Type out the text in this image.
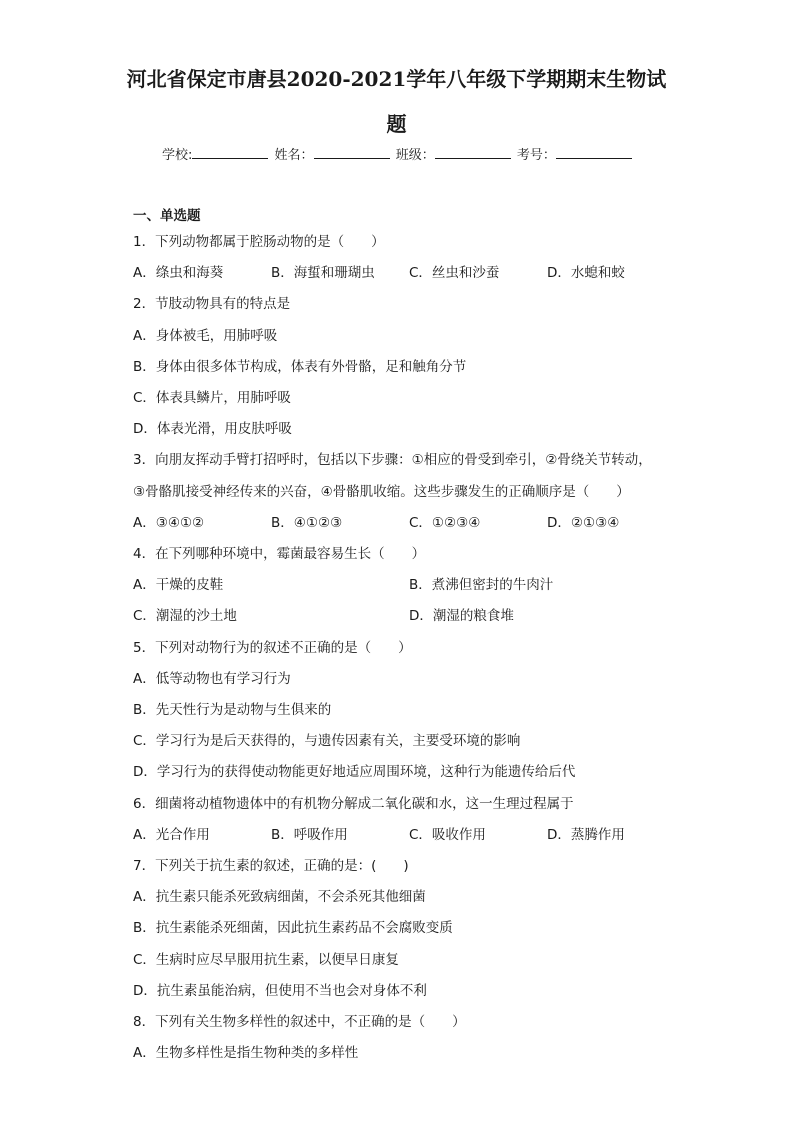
河北省保定市唐县2020-2021学年八年级下学期期末生物试
题
学校:	姓名：	班级：	考号：
一、单选题
1．下列动物都属于腔肠动物的是（　　）
A．绦虫和海葵	B．海蜇和珊瑚虫	C．丝虫和沙蚕	D．水螅和蛟
2．节肢动物具有的特点是
A．身体被毛，用肺呼吸
B．身体由很多体节构成，体表有外骨骼，足和触角分节
C．体表具鳞片，用肺呼吸
D．体表光滑，用皮肤呼吸
3．向朋友挥动手臂打招呼时，包括以下步骤：①相应的骨受到牵引，②骨绕关节转动，
③骨骼肌接受神经传来的兴奋，④骨骼肌收缩。这些步骤发生的正确顺序是（　　）
A．③④①②	B．④①②③	C．①②③④	D．②①③④
4．在下列哪种环境中，霉菌最容易生长（　　）
A．干燥的皮鞋	B．煮沸但密封的牛肉汁
C．潮湿的沙土地	D．潮湿的粮食堆
5．下列对动物行为的叙述不正确的是（　　）
A．低等动物也有学习行为
B．先天性行为是动物与生俱来的
C．学习行为是后天获得的，与遗传因素有关，主要受环境的影响
D．学习行为的获得使动物能更好地适应周围环境，这种行为能遗传给后代
6．细菌将动植物遗体中的有机物分解成二氧化碳和水，这一生理过程属于
A．光合作用	B．呼吸作用	C．吸收作用	D．蒸腾作用
7．下列关于抗生素的叙述，正确的是：(　　)
A．抗生素只能杀死致病细菌，不会杀死其他细菌
B．抗生素能杀死细菌，因此抗生素药品不会腐败变质
C．生病时应尽早服用抗生素，以便早日康复
D．抗生素虽能治病，但使用不当也会对身体不利
8．下列有关生物多样性的叙述中，不正确的是（　　）
A．生物多样性是指生物种类的多样性
